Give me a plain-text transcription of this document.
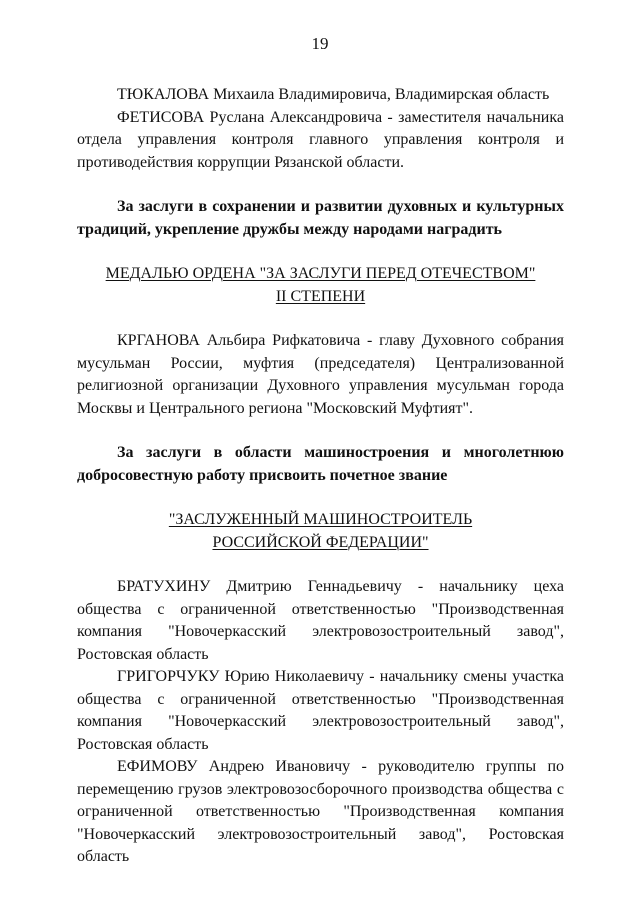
19

ТЮКАЛОВА Михаила Владимировича, Владимирская область

ФЕТИСОВА Руслана Александровича - заместителя начальника отдела управления контроля главного управления контроля и противодействия коррупции Рязанской области.

За заслуги в сохранении и развитии духовных и культурных традиций, укрепление дружбы между народами наградить

МЕДАЛЬЮ ОРДЕНА "ЗА ЗАСЛУГИ ПЕРЕД ОТЕЧЕСТВОМ"

II СТЕПЕНИ

КРГАНОВА Альбира Рифкатовича - главу Духовного собрания мусульман России, муфтия (председателя) Централизованной религиозной организации Духовного управления мусульман города Москвы и Центрального региона "Московский Муфтият".

За заслуги в области машиностроения и многолетнюю добросовестную работу присвоить почетное звание

"ЗАСЛУЖЕННЫЙ МАШИНОСТРОИТЕЛЬ

РОССИЙСКОЙ ФЕДЕРАЦИИ"

БРАТУХИНУ Дмитрию Геннадьевичу - начальнику цеха общества с ограниченной ответственностью "Производственная компания "Новочеркасский электровозостроительный завод", Ростовская область

ГРИГОРЧУКУ Юрию Николаевичу - начальнику смены участка общества с ограниченной ответственностью "Производственная компания "Новочеркасский электровозостроительный завод", Ростовская область

ЕФИМОВУ Андрею Ивановичу - руководителю группы по перемещению грузов электровозосборочного производства общества с ограниченной ответственностью "Производственная компания "Новочеркасский электровозостроительный завод", Ростовская область
